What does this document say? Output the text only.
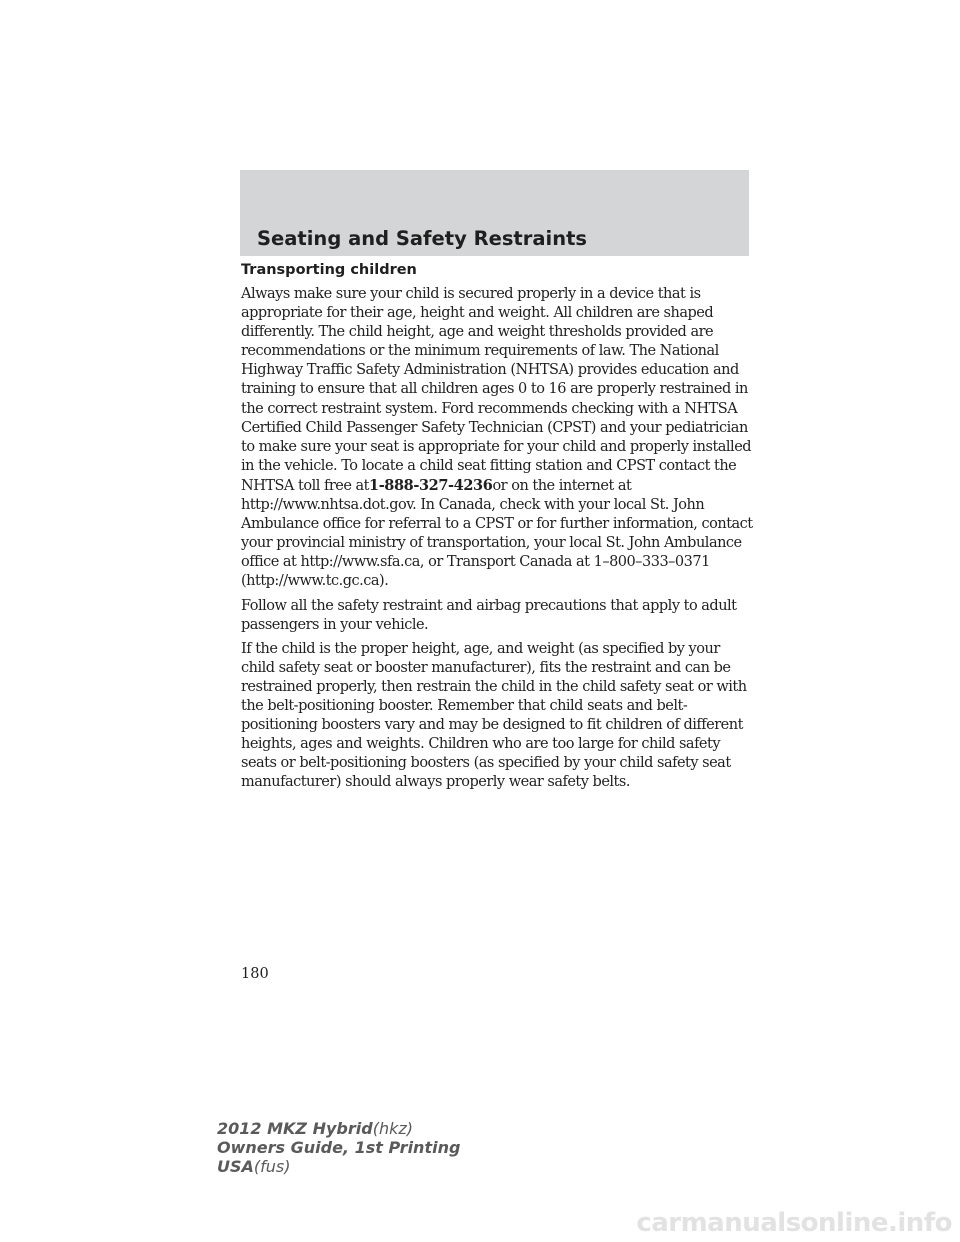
Seating and Safety Restraints
Transporting children

Always make sure your child is secured properly in a device that is appropriate for their age, height and weight. All children are shaped differently. The child height, age and weight thresholds provided are recommendations or the minimum requirements of law. The National Highway Traffic Safety Administration (NHTSA) provides education and training to ensure that all children ages 0 to 16 are properly restrained in the correct restraint system. Ford recommends checking with a NHTSA Certified Child Passenger Safety Technician (CPST) and your pediatrician to make sure your seat is appropriate for your child and properly installed in the vehicle. To locate a child seat fitting station and CPST contact the NHTSA toll free at1-888-327-4236or on the internet at http://www.nhtsa.dot.gov. In Canada, check with your local St. John Ambulance office for referral to a CPST or for further information, contact your provincial ministry of transportation, your local St. John Ambulance office at http://www.sfa.ca, or Transport Canada at 1–800–333–0371 (http://www.tc.gc.ca).

Follow all the safety restraint and airbag precautions that apply to adult passengers in your vehicle.

If the child is the proper height, age, and weight (as specified by your child safety seat or booster manufacturer), fits the restraint and can be restrained properly, then restrain the child in the child safety seat or with the belt-positioning booster. Remember that child seats and belt-positioning boosters vary and may be designed to fit children of different heights, ages and weights. Children who are too large for child safety seats or belt-positioning boosters (as specified by your child safety seat manufacturer) should always properly wear safety belts.

180

2012 MKZ Hybrid(hkz)
Owners Guide, 1st Printing
USA(fus)
carmanualsonline.info
